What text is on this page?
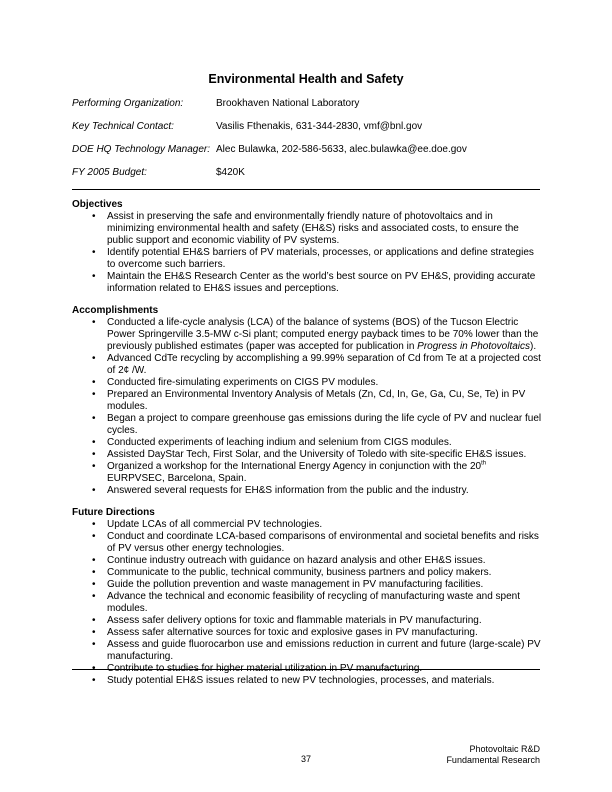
Environmental Health and Safety
Performing Organization:	Brookhaven National Laboratory
Key Technical Contact:	Vasilis Fthenakis, 631-344-2830, vmf@bnl.gov
DOE HQ Technology Manager: Alec Bulawka, 202-586-5633, alec.bulawka@ee.doe.gov
FY 2005 Budget:	$420K
Objectives
• Assist in preserving the safe and environmentally friendly nature of photovoltaics and in minimizing environmental health and safety (EH&S) risks and associated costs, to ensure the public support and economic viability of PV systems.
• Identify potential EH&S barriers of PV materials, processes, or applications and define strategies to overcome such barriers.
• Maintain the EH&S Research Center as the world’s best source on PV EH&S, providing accurate information related to EH&S issues and perceptions.
Accomplishments
• Conducted a life-cycle analysis (LCA) of the balance of systems (BOS) of the Tucson Electric Power Springerville 3.5-MW c-Si plant; computed energy payback times to be 70% lower than the previously published estimates (paper was accepted for publication in Progress in Photovoltaics).
• Advanced CdTe recycling by accomplishing a 99.99% separation of Cd from Te at a projected cost of 2¢ /W.
• Conducted fire-simulating experiments on CIGS PV modules.
• Prepared an Environmental Inventory Analysis of Metals (Zn, Cd, In, Ge, Ga, Cu, Se, Te) in PV modules.
• Began a project to compare greenhouse gas emissions during the life cycle of PV and nuclear fuel cycles.
• Conducted experiments of leaching indium and selenium from CIGS modules.
• Assisted DayStar Tech, First Solar, and the University of Toledo with site-specific EH&S issues.
• Organized a workshop for the International Energy Agency in conjunction with the 20th EURPVSEC, Barcelona, Spain.
• Answered several requests for EH&S information from the public and the industry.
Future Directions
• Update LCAs of all commercial PV technologies.
• Conduct and coordinate LCA-based comparisons of environmental and societal benefits and risks of PV versus other energy technologies.
• Continue industry outreach with guidance on hazard analysis and other EH&S issues.
• Communicate to the public, technical community, business partners and policy makers.
• Guide the pollution prevention and waste management in PV manufacturing facilities.
• Advance the technical and economic feasibility of recycling of manufacturing waste and spent modules.
• Assess safer delivery options for toxic and flammable materials in PV manufacturing.
• Assess safer alternative sources for toxic and explosive gases in PV manufacturing.
• Assess and guide fluorocarbon use and emissions reduction in current and future (large-scale) PV manufacturing.
• Contribute to studies for higher material utilization in PV manufacturing.
• Study potential EH&S issues related to new PV technologies, processes, and materials.
37
Photovoltaic R&D
Fundamental Research
